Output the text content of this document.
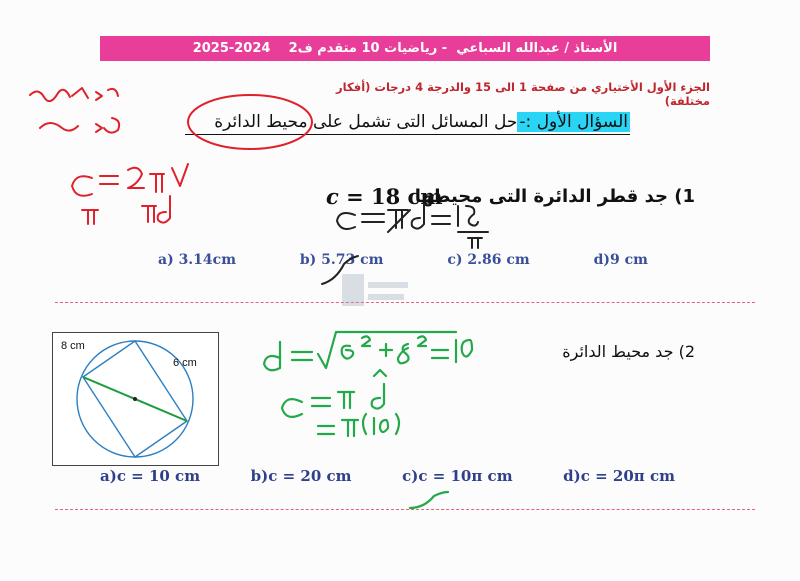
الأستاذ / عبدالله السباعي

- رياضيات 10 متقدم ف2

2025-2024
الجزء الأول الأختياري من صفحة 1 الى 15 والدرجة 4 درجات (أفكار مختلفة)
السؤال الأول :-حل المسائل التى تشمل على محيط الدائرة
1) جد قطر الدائرة التى محيطها
c = 18 cm
a) 3.14cm	b) 5.73 cm	c) 2.86 cm	d)9 cm
8 cm
6 cm
2) جد محيط الدائرة
a)c = 10 cm	b)c = 20 cm	c)c = 10π cm	d)c = 20π cm
